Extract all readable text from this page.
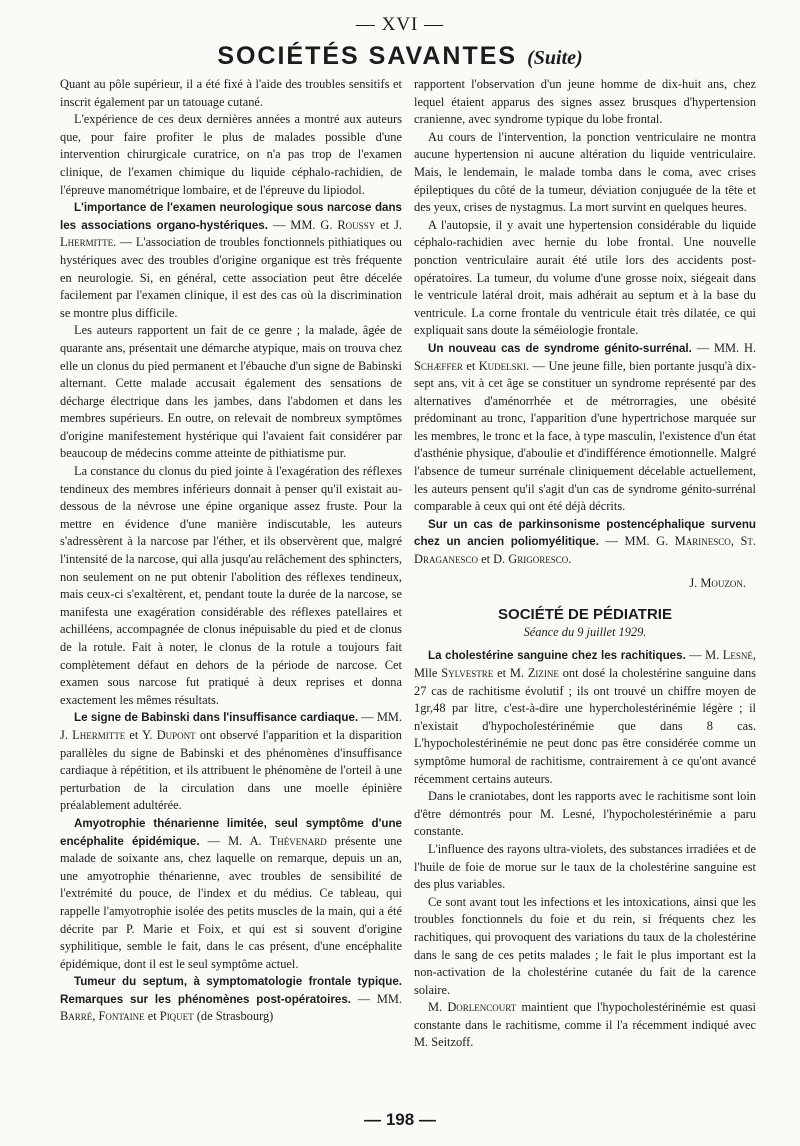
— XVI —
SOCIÉTÉS SAVANTES (Suite)

Quant au pôle supérieur, il a été fixé à l'aide des troubles sensitifs et inscrit également par un tatouage cutané.

L'expérience de ces deux dernières années a montré aux auteurs que, pour faire profiter le plus de malades possible d'une intervention chirurgicale curatrice, on n'a pas trop de l'examen clinique, de l'examen chimique du liquide céphalo-rachidien, de l'épreuve manométrique lombaire, et de l'épreuve du lipiodol.

L'importance de l'examen neurologique sous narcose dans les associations organo-hystériques. — MM. G. Roussy et J. Lhermitte. — L'association de troubles fonctionnels pithiatiques ou hystériques avec des troubles d'origine organique est très fréquente en neurologie. Si, en général, cette association peut être décelée facilement par l'examen clinique, il est des cas où la discrimination se montre plus difficile.

Les auteurs rapportent un fait de ce genre ; la malade, âgée de quarante ans, présentait une démarche atypique, mais on trouva chez elle un clonus du pied permanent et l'ébauche d'un signe de Babinski alternant. Cette malade accusait également des sensations de décharge électrique dans les jambes, dans l'abdomen et dans les membres supérieurs. En outre, on relevait de nombreux symptômes d'origine manifestement hystérique qui l'avaient fait considérer par beaucoup de médecins comme atteinte de pithiatisme pur.

La constance du clonus du pied jointe à l'exagération des réflexes tendineux des membres inférieurs donnait à penser qu'il existait au-dessous de la névrose une épine organique assez fruste. Pour la mettre en évidence d'une manière indiscutable, les auteurs s'adressèrent à la narcose par l'éther, et ils observèrent que, malgré l'intensité de la narcose, qui alla jusqu'au relâchement des sphincters, non seulement on ne put obtenir l'abolition des réflexes tendineux, mais ceux-ci s'exaltèrent, et, pendant toute la durée de la narcose, se manifesta une exagération considérable des réflexes patellaires et achilléens, accompagnée de clonus inépuisable du pied et de clonus de la rotule. Fait à noter, le clonus de la rotule a toujours fait complètement défaut en dehors de la période de narcose. Cet examen sous narcose fut pratiqué à deux reprises et donna exactement les mêmes résultats.

Le signe de Babinski dans l'insuffisance cardiaque. — MM. J. Lhermitte et Y. Dupont ont observé l'apparition et la disparition parallèles du signe de Babinski et des phénomènes d'insuffisance cardiaque à répétition, et ils attribuent le phénomène de l'orteil à une perturbation de la circulation dans une moelle épinière préalablement adultérée.

Amyotrophie thénarienne limitée, seul symptôme d'une encéphalite épidémique. — M. A. Thévenard présente une malade de soixante ans, chez laquelle on remarque, depuis un an, une amyotrophie thénarienne, avec troubles de sensibilité de l'extrémité du pouce, de l'index et du médius. Ce tableau, qui rappelle l'amyotrophie isolée des petits muscles de la main, qui a été décrite par P. Marie et Foix, et qui est si souvent d'origine syphilitique, semble le fait, dans le cas présent, d'une encéphalite épidémique, dont il est le seul symptôme actuel.

Tumeur du septum, à symptomatologie frontale typique. Remarques sur les phénomènes post-opératoires. — MM. Barré, Fontaine et Piquet (de Strasbourg)

rapportent l'observation d'un jeune homme de dix-huit ans, chez lequel étaient apparus des signes assez brusques d'hypertension cranienne, avec syndrome typique du lobe frontal.

Au cours de l'intervention, la ponction ventriculaire ne montra aucune hypertension ni aucune altération du liquide ventriculaire. Mais, le lendemain, le malade tomba dans le coma, avec crises épileptiques du côté de la tumeur, déviation conjuguée de la tête et des yeux, crises de nystagmus. La mort survint en quelques heures.

A l'autopsie, il y avait une hypertension considérable du liquide céphalo-rachidien avec hernie du lobe frontal. Une nouvelle ponction ventriculaire aurait été utile lors des accidents post-opératoires. La tumeur, du volume d'une grosse noix, siégeait dans le ventricule latéral droit, mais adhérait au septum et à la base du ventricule. La corne frontale du ventricule était très dilatée, ce qui expliquait sans doute la séméiologie frontale.

Un nouveau cas de syndrome génito-surrénal. — MM. H. Schæffer et Kudelski. — Une jeune fille, bien portante jusqu'à dix-sept ans, vit à cet âge se constituer un syndrome représenté par des alternatives d'aménorrhée et de métrorragies, une obésité prédominant au tronc, l'apparition d'une hypertrichose marquée sur les membres, le tronc et la face, à type masculin, l'existence d'un état d'asthénie physique, d'aboulie et d'indifférence émotionnelle. Malgré l'absence de tumeur surrénale cliniquement décelable actuellement, les auteurs pensent qu'il s'agit d'un cas de syndrome génito-surrénal comparable à ceux qui ont été déjà décrits.

Sur un cas de parkinsonisme postencéphalique survenu chez un ancien poliomyélitique. — MM. G. Marinesco, St. Draganesco et D. Grigoresco.

J. Mouzon.
SOCIÉTÉ DE PÉDIATRIE
Séance du 9 juillet 1929.

La cholestérine sanguine chez les rachitiques. — M. Lesné, Mlle Sylvestre et M. Zizine ont dosé la cholestérine sanguine dans 27 cas de rachitisme évolutif ; ils ont trouvé un chiffre moyen de 1gr,48 par litre, c'est-à-dire une hypercholestérinémie légère ; il n'existait d'hypocholestérinémie que dans 8 cas. L'hypocholestérinémie ne peut donc pas être considérée comme un symptôme humoral de rachitisme, contrairement à ce qu'ont avancé récemment certains auteurs.

Dans le craniotabes, dont les rapports avec le rachitisme sont loin d'être démontrés pour M. Lesné, l'hypocholestérinémie a paru constante.

L'influence des rayons ultra-violets, des substances irradiées et de l'huile de foie de morue sur le taux de la cholestérine sanguine est des plus variables.

Ce sont avant tout les infections et les intoxications, ainsi que les troubles fonctionnels du foie et du rein, si fréquents chez les rachitiques, qui provoquent des variations du taux de la cholestérine dans le sang de ces petits malades ; le fait le plus important est la non-activation de la cholestérine cutanée du fait de la carence solaire.

M. Dorlencourt maintient que l'hypocholestérinémie est quasi constante dans le rachitisme, comme il l'a récemment indiqué avec M. Seitzoff.

— 198 —
